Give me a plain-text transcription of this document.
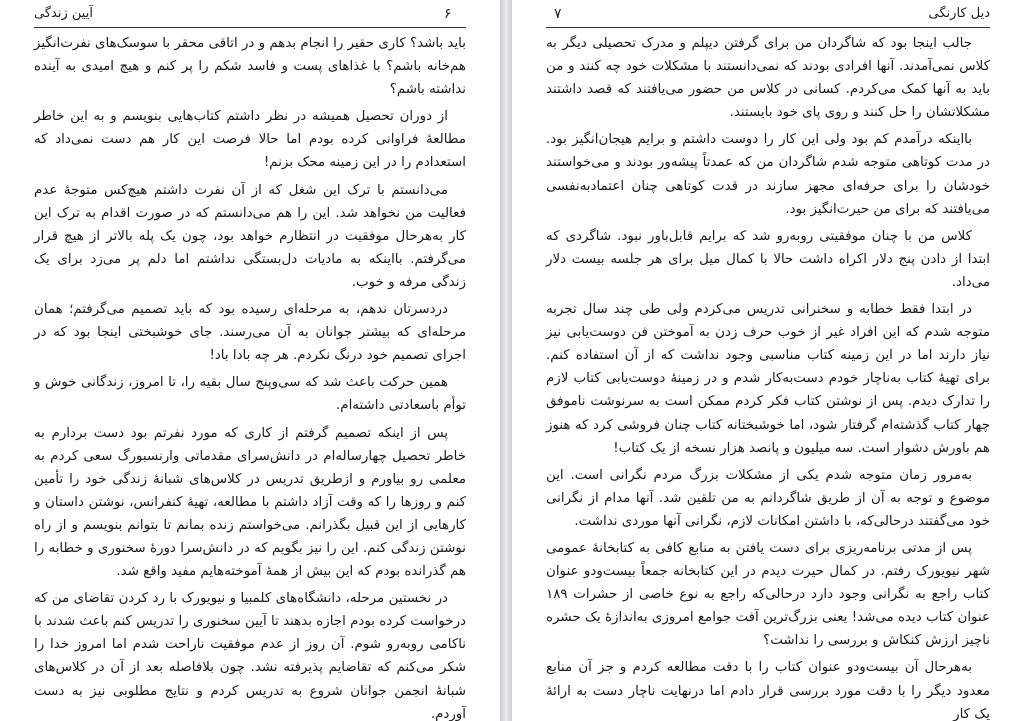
آیین زندگی	۶

باید باشد؟ کاری حقیر را انجام بدهم و در اتاقی محقر با سوسک‌های نفرت‌انگیز هم‌خانه باشم؟ با غذاهای پست و فاسد شکم را پر کنم و هیچ امیدی به آینده نداشته باشم؟

از دوران تحصیل همیشه در نظر داشتم کتاب‌هایی بنویسم و به این خاطر مطالعهٔ فراوانی کرده بودم اما حالا فرصت این کار هم دست نمی‌داد که استعدادم را در این زمینه محک بزنم!

می‌دانستم با ترک این شغل که از آن نفرت داشتم هیچ‌کس متوجهٔ عدم فعالیت من نخواهد شد. این را هم می‌دانستم که در صورت اقدام به ترک این کار به‌هرحال موفقیت در انتظارم خواهد بود، چون یک پله بالاتر از هیچ قرار می‌گرفتم. بااینکه به مادیات دل‌بستگی نداشتم اما دلم پر می‌زد برای یک زندگی مرفه و خوب.

دردسرتان ندهم، به مرحله‌ای رسیده بود که باید تصمیم می‌گرفتم؛ همان مرحله‌ای که بیشتر جوانان به آن می‌رسند. جای خوشبختی اینجا بود که در اجرای تصمیم خود درنگ نکردم. هر چه بادا باد!

همین حرکت باعث شد که سی‌وپنج سال بقیه را، تا امروز، زندگانی خوش و توأم باسعادتی داشته‌ام.

پس از اینکه تصمیم گرفتم از کاری که مورد نفرتم بود دست بردارم به خاطر تحصیل چهارساله‌ام در دانش‌سرای مقدماتی وارنسبورگ سعی کردم به معلمی رو بیاورم و ازطریق تدریس در کلاس‌های شبانهٔ زندگی خود را تأمین کنم و روزها را که وقت آزاد داشتم با مطالعه، تهیهٔ کنفرانس، نوشتن داستان و کارهایی از این قبیل بگذرانم. می‌خواستم زنده بمانم تا بتوانم بنویسم و از راه نوشتن زندگی کنم. این را نیز بگویم که در دانش‌سرا دورهٔ سخنوری و خطابه را هم گذرانده بودم که این بیش از همهٔ آموخته‌هایم مفید واقع شد.

در نخستین مرحله، دانشگاه‌های کلمبیا و نیویورک با رد کردن تقاضای من که درخواست کرده بودم اجازه بدهند تا آیین سخنوری را تدریس کنم باعث شدند با ناکامی روبه‌رو شوم. آن روز از عدم موفقیت ناراحت شدم اما امروز خدا را شکر می‌کنم که تقاضایم پذیرفته نشد. چون بلافاصله بعد از آن در کلاس‌های شبانهٔ انجمن جوانان شروع به تدریس کردم و نتایج مطلوبی نیز به دست آوردم.

۷	دیل کارنگی

جالب اینجا بود که شاگردان من برای گرفتن دیپلم و مدرک تحصیلی دیگر به کلاس نمی‌آمدند. آنها افرادی بودند که نمی‌دانستند با مشکلات خود چه کنند و من باید به آنها کمک می‌کردم. کسانی در کلاس من حضور می‌یافتند که قصد داشتند مشکلاتشان را حل کنند و روی پای خود بایستند.

بااینکه درآمدم کم بود ولی این کار را دوست داشتم و برایم هیجان‌انگیز بود. در مدت کوتاهی متوجه شدم شاگردان من که عمدتاً پیشه‌ور بودند و می‌خواستند خودشان را برای حرفه‌ای مجهز سازند در قدت کوتاهی چنان اعتمادبه‌نفسی می‌یافتند که برای من حیرت‌انگیز بود.

کلاس من با چنان موفقیتی روبه‌رو شد که برایم قابل‌باور نبود. شاگردی که ابتدا از دادن پنج دلار اکراه داشت حالا با کمال میل برای هر جلسه بیست دلار می‌داد.

در ابتدا فقط خطابه و سخنرانی تدریس می‌کردم ولی طی چند سال تجربه متوجه شدم که این افراد غیر از خوب حرف زدن به آموختن فن دوست‌یابی نیز نیاز دارند اما در این زمینه کتاب مناسبی وجود نداشت که از آن استفاده کنم. برای تهیهٔ کتاب به‌ناچار خودم دست‌به‌کار شدم و در زمینهٔ دوست‌یابی کتاب لازم را تدارک دیدم. پس از نوشتن کتاب فکر کردم ممکن است به سرنوشت ناموفق چهار کتاب گذشته‌ام گرفتار شود، اما خوشبختانه کتاب چنان فروشی کرد که هنوز هم باورش دشوار است. سه میلیون و پانصد هزار نسخه از یک کتاب!

به‌مرور زمان متوجه شدم یکی از مشکلات بزرگ مردم نگرانی است. این موضوع و توجه به آن از طریق شاگردانم به من تلقین شد. آنها مدام از نگرانی خود می‌گفتند درحالی‌که، با داشتن امکانات لازم، نگرانی آنها موردی نداشت.

پس از مدتی برنامه‌ریزی برای دست یافتن به منابع کافی به کتابخانهٔ عمومی شهر نیویورک رفتم. در کمال حیرت دیدم در این کتابخانه جمعاً بیست‌ودو عنوان کتاب راجع به نگرانی وجود دارد درحالی‌که راجع به نوع خاصی از حشرات ۱۸۹ عنوان کتاب دیده می‌شد! یعنی بزرگ‌ترین آفت جوامع امروزی به‌اندازهٔ یک حشره ناچیز ارزش کنکاش و بررسی را نداشت؟

به‌هرحال آن بیست‌ودو عنوان کتاب را با دقت مطالعه کردم و جز آن منابع معدود دیگر را با دقت مورد بررسی قرار دادم اما درنهایت ناچار دست به ارائهٔ یک کار
